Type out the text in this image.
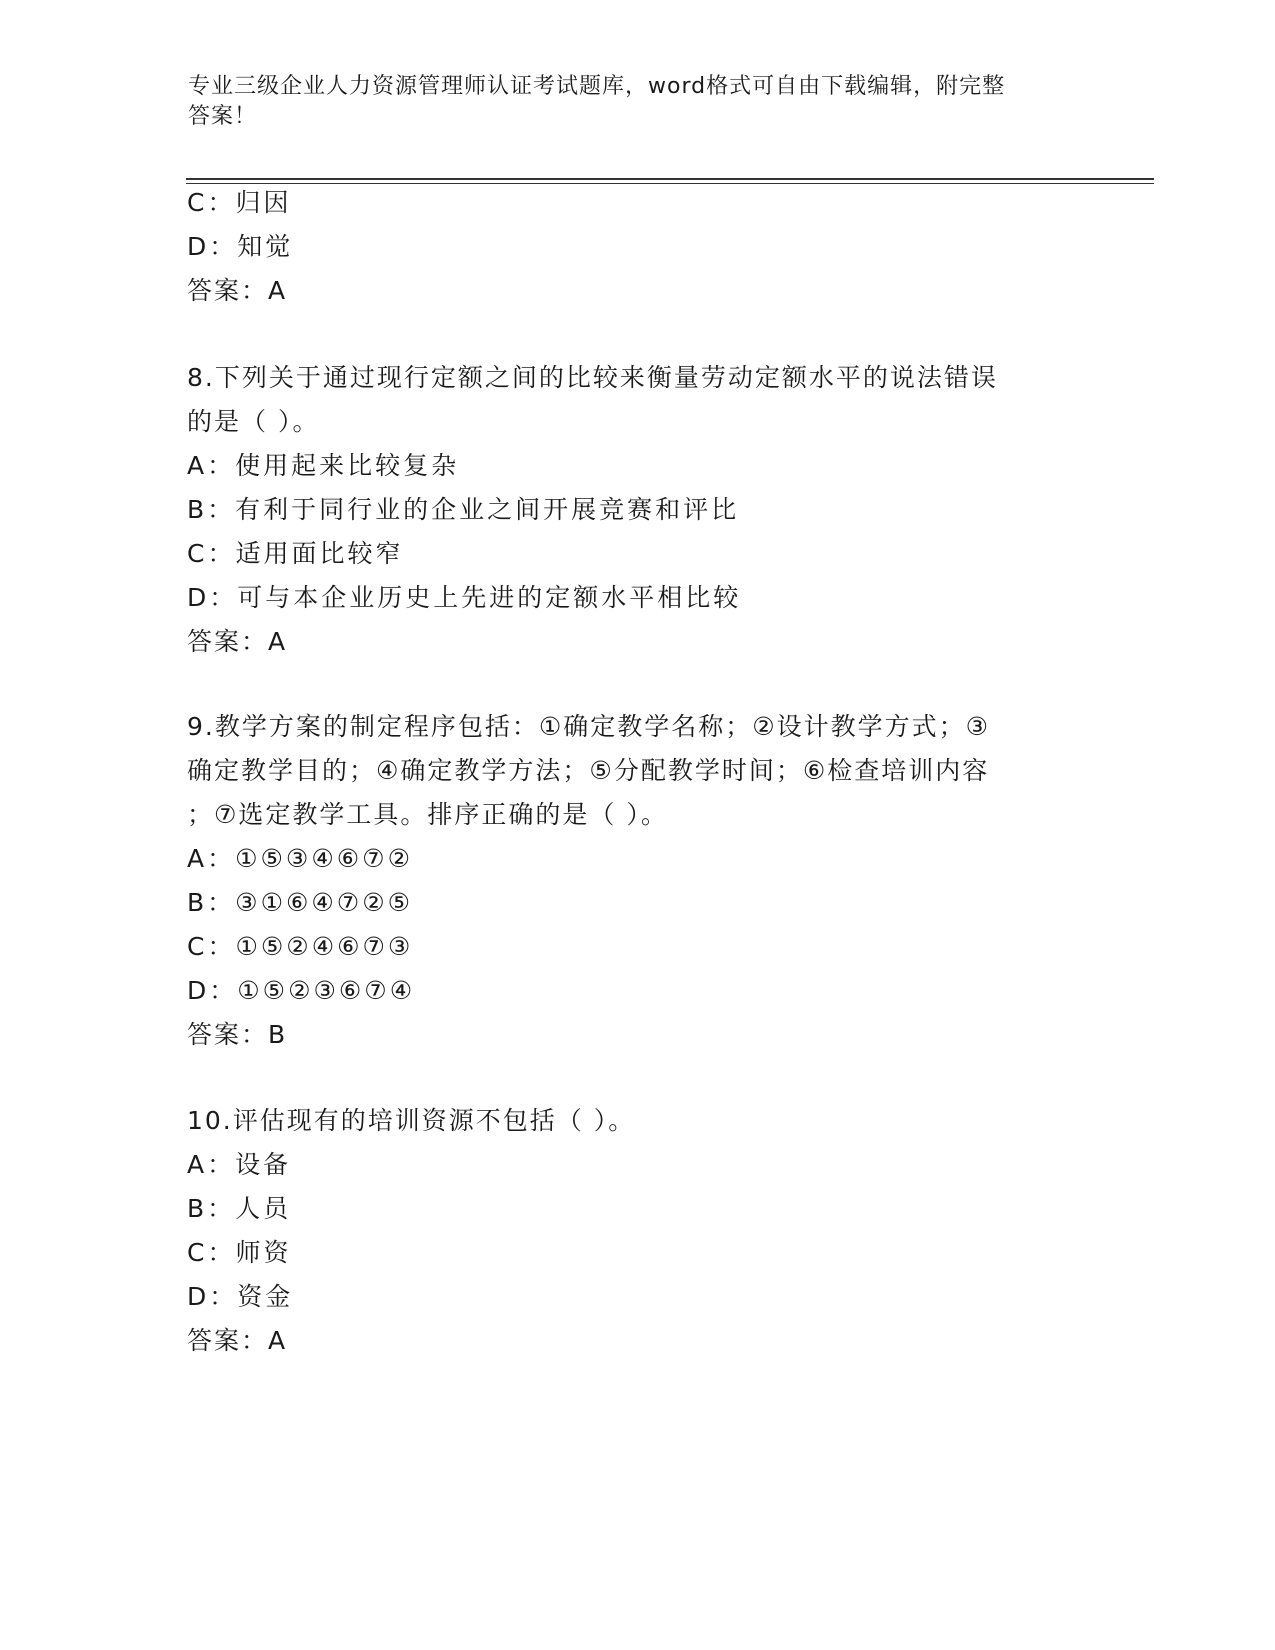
专业三级企业人力资源管理师认证考试题库，word格式可自由下载编辑，附完整
答案！
C：归因
D：知觉
答案：A
8.下列关于通过现行定额之间的比较来衡量劳动定额水平的说法错误
的是（ ）。
A：使用起来比较复杂
B：有利于同行业的企业之间开展竞赛和评比
C：适用面比较窄
D：可与本企业历史上先进的定额水平相比较
答案：A
9.教学方案的制定程序包括：①确定教学名称；②设计教学方式；③
确定教学目的；④确定教学方法；⑤分配教学时间；⑥检查培训内容
；⑦选定教学工具。排序正确的是（ ）。
A：①⑤③④⑥⑦②
B：③①⑥④⑦②⑤
C：①⑤②④⑥⑦③
D：①⑤②③⑥⑦④
答案：B
10.评估现有的培训资源不包括（ ）。
A：设备
B：人员
C：师资
D：资金
答案：A
